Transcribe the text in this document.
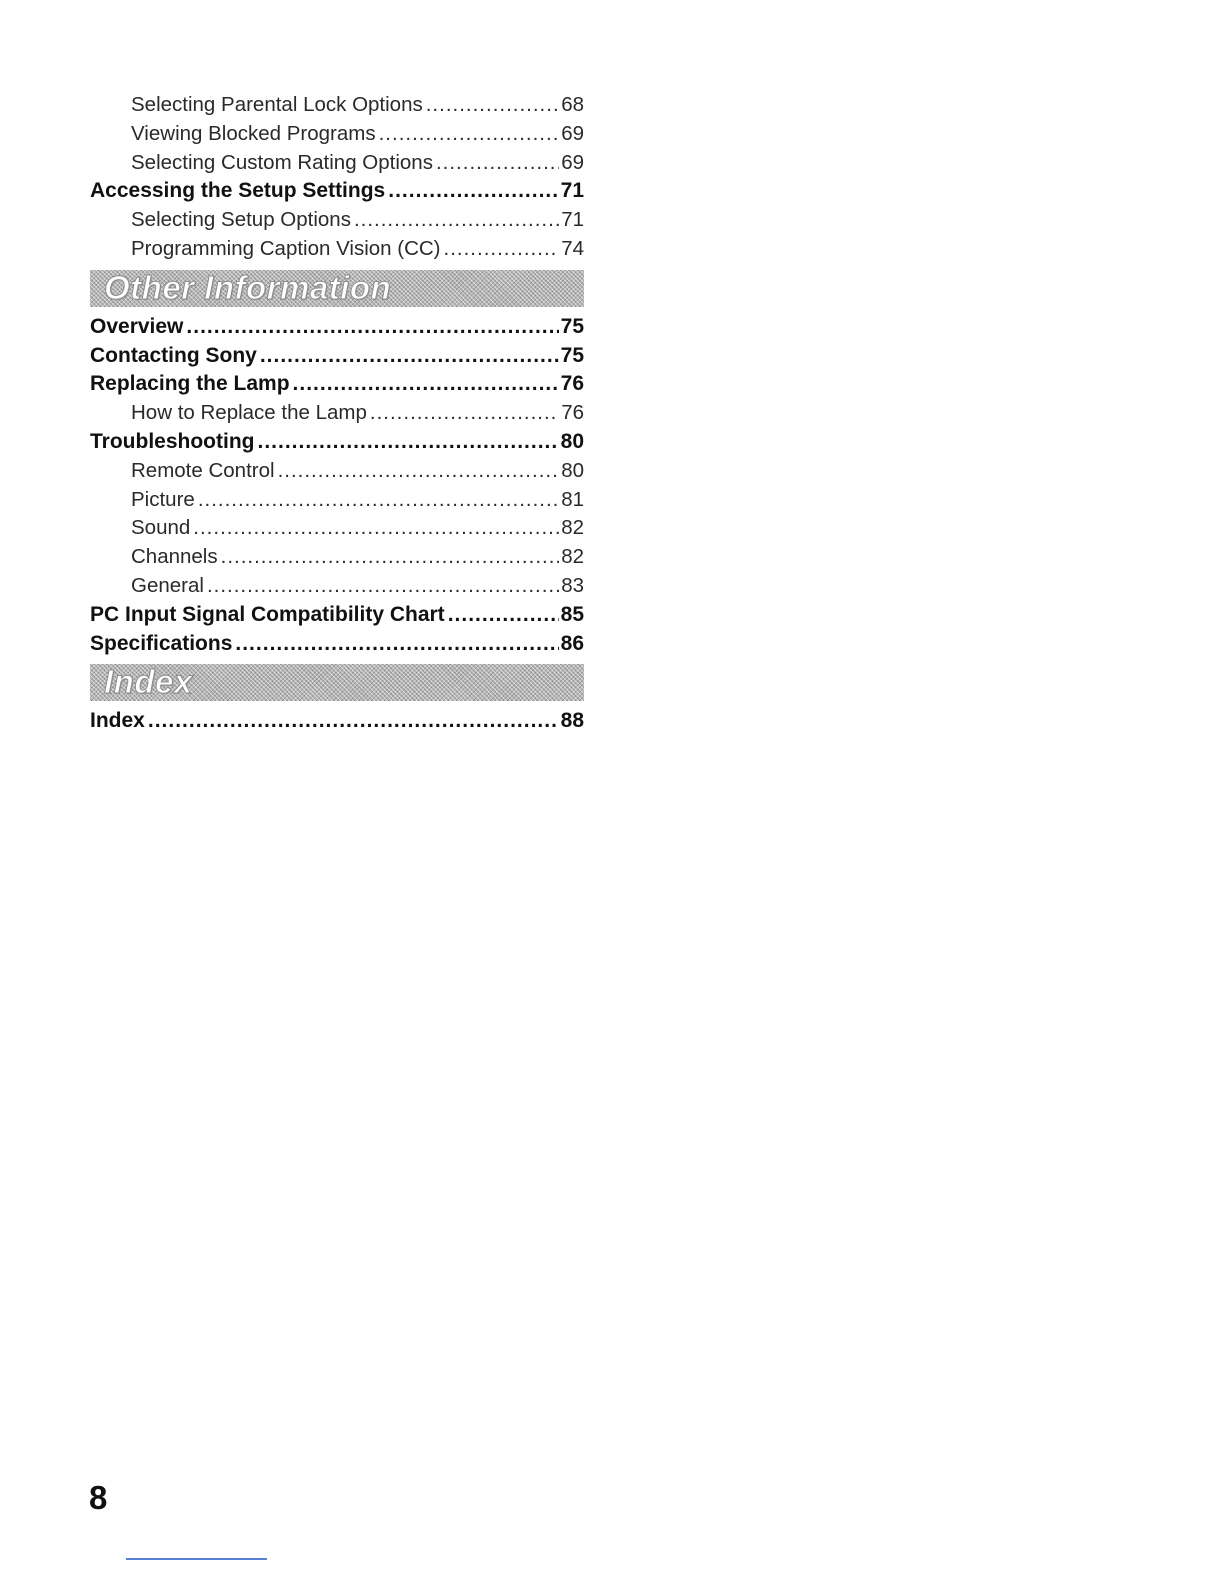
Selecting Parental Lock Options .....	68
Viewing Blocked Programs .....	69
Selecting Custom Rating Options .....	69
Accessing the Setup Settings .....	71
Selecting Setup Options .....	71
Programming Caption Vision (CC) .....	74
Other Information
Overview .....	75
Contacting Sony .....	75
Replacing the Lamp .....	76
How to Replace the Lamp .....	76
Troubleshooting .....	80
Remote Control .....	80
Picture .....	81
Sound .....	82
Channels .....	82
General .....	83
PC Input Signal Compatibility Chart .....	85
Specifications .....	86
Index
Index .....	88
8
